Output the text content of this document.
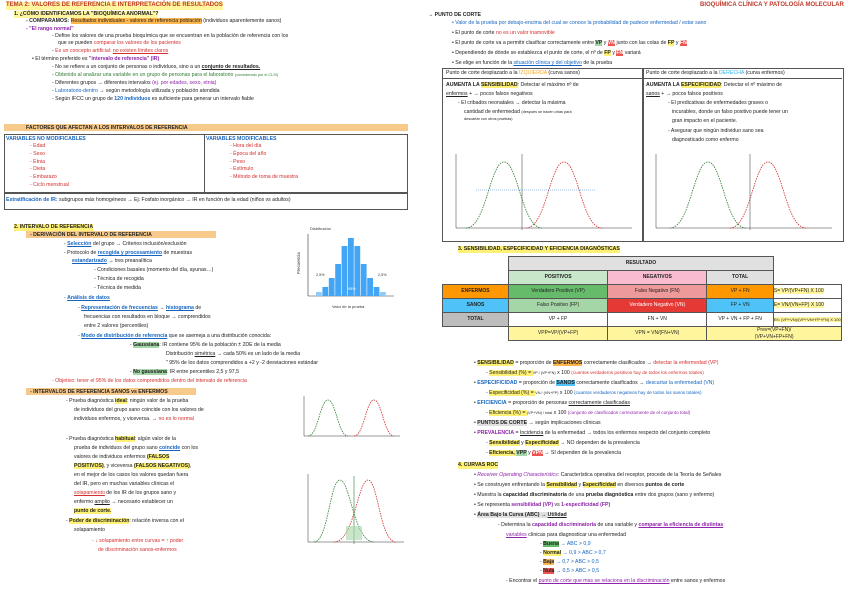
TEMA 2: VALORES DE REFERENCIA E INTERPRETACIÓN DE RESULTADOS	BIOQUÍMICA CLÍNICA Y PATOLOGÍA MOLECULAR
1. ¿CÓMO IDENTIFICAMOS LA "BIOQUÍMICA ANORMAL"?
- COMPARAMOS: Resultados individuales - valores de referencia población (individuos aparentemente sanos)
- "El rango normal"
- Define los valores de una prueba bioquímica que se encuentran en la población de referencia con los
que se pueden comparar los valores de los pacientes
- Es un concepto artificial: no existen límites claros
• El término preferido es "intervalo de referencia" (IR)
- No se refiere a un conjunto de personas o individuos, sino a un conjunto de resultados.
- Obtenido al analizar una variable en un grupo de personas para el laboratorio (considerado por el CLSI)
- Diferentes grupos → diferentes intervalos (ej. por edades, sexo, etnia)
- Laboratorio-dentro → según metodología utilizada y población atendida
- Según IFCC un grupo de 120 individuos es suficiente para generar un intervalo fiable
FACTORES QUE AFECTAN A LOS INTERVALOS DE REFERENCIA
VARIABLES NO MODIFICABLES
- Edad
- Sexo
- Etnia
- Dieta
- Embarazo
- Ciclo menstrual
VARIABLES MODIFICABLES
- Hora del día
- Época del año
- Peso
- Estímulo
- Método de toma de muestra
Estratificación de IR: subgrupos más homogéneos → Ej: Fosfato inorgánico → IR en función de la edad (niños vs adultos)
2. INTERVALO DE REFERENCIA
- DERIVACIÓN DEL INTERVALO DE REFERENCIA
- Selección del grupo → Criterios inclusión/exclusión
- Protocolo de recogida y procesamiento de muestras
estandarizado → tres preanalítica
- Condiciones basales (momento del día, ayunas…)
- Técnica de recogida
- Técnica de medida
- Análisis de datos
- Representación de frecuencias → histograma de
frecuencias con resultados en bloque → comprendidos
entre 2 valores (percentiles)
- Modo de distribución de referencia que se asemeja a una distribución conocida:
- Gaussiana: IR contiene 95% de la población ± 2DE de la media
Distribución simétrica → cada 50% es un lado de la media
" 95% de los datos comprendidos a +2 y -2 desviaciones estándar
- No gaussiana: IR entre percentiles 2,5 y 97,5
- Objetivo: tener el 95% de los datos comprendidos dentro del intervalo de referencia
Distribución
Frecuencia
2,5%	2,5%
95%
Valor de la prueba
- INTERVALOS DE REFERENCIA SANOS vs ENFERMOS
- Prueba diagnóstica ideal: ningún valor de la prueba
de individuos del grupo sano coincide con los valores de
individuos enfermos, y viceversa. → no es lo normal
- Prueba diagnóstica habitual: algún valor de la
prueba de individuos del grupo sano coincide con los
valores de individuos enfermos (FALSOS
POSITIVOS), y viceversa (FALSOS NEGATIVOS),
en el mejor de los casos los valores quedan fuera
del IR, pero en muchas variables clínicas el
solapamiento de los IR de los grupos sano y
enfermo amplio → necesario establecer un
punto de corte.
- Poder de discriminación: relación inversa con el
solapamiento
- ↓ solapamiento entre curvas = ↑ poder
de discriminación sanos-enfermos
→ PUNTO DE CORTE
• Valor de la prueba por debajo-encima del cual se conoce la probabilidad de padecer enfermedad / estar sano
• El punto de corte no es un valor inamovible
• El punto de corte va a permitir clasificar correctamente entre VP y VN junto con las colas de FP y FN
• Dependiendo de dónde se establezca el punto de corte, el nº de FP y FN variará
• Se elige en función de la situación clínica y del objetivo de la prueba
Punto de corte desplazado a la IZQUIERDA (curva sanos)	Punto de corte desplazado a la DERECHA (curva enfermos)
AUMENTA LA SENSIBILIDAD: Detectar el máximo nº de
enfermos + → pocos falsos negativos
- El cribados neonatales → detectar la máxima
cantidad de enfermedad (después se hacen otras para
descartar con otros pruebas)
AUMENTA LA ESPECIFICIDAD: Detectar el nº máximo de
sanos + → pocos falsos positivos
- El predicativas de enfermedades graves o
incurables, donde un falso positivo puede tener un
gran impacto en el paciente.
- Asegurar que ningún individuo sano sea
diagnosticado como enfermo
3. SENSIBILIDAD, ESPECIFICIDAD Y EFICIENCIA DIAGNÓSTICAS
	RESULTADO			
	POSITIVOS	NEGATIVOS	TOTAL	
ENFERMOS	Verdadero Positivo (VP)	Falso Negativo (FN)	VP + FN	S= VP/(VP+FN) X 100
SANOS	Falso Positivo (FP)	Verdadero Negativo (VN)	FP + VN	E= VN/(VN+FP) X 100
TOTAL	VP + FP	FN + VN	VP + VN + FP + FN	Ef= (VP+VN)/(VP+VN+FP+FN) X 100
	VPP=VP/(VP+FP)	VPN = VN/(FN+VN)	Prev=(VP+FN)/
(VP+VN+FP+FN)	
• SENSIBILIDAD = proporción de ENFERMOS correctamente clasificados → detectar la enfermedad (VP)
- Sensibilidad (%) = VP / (VP+FN) x 100 (cuantos verdaderos positivos hay de todos los enfermos totales)
• ESPECIFICIDAD = proporción de SANOS correctamente clasificados → descartar la enfermedad (VN)
- Especificidad (%) = VN / (VN+FP) x 100 (cuantos verdaderos negativos hay de todos los sanos totales)
• EFICIENCIA = proporción de personas correctamente clasificadas
- Eficiencia (%) = (VP+VN) / total x 100 (conjunto de clasificados correctamente de el conjunto total)
• PUNTOS DE CORTE → según implicaciones clínicas
• PREVALENCIA = Incidencia de la enfermedad → todos los enfermos respecto del conjunto completo
- Sensibilidad y Especificidad → NO dependen de la prevalencia
- Eficiencia, VPP y VPN → SI dependen de la prevalencia
4. CURVAS ROC
• Receiver Operating Characteristics: Característica operativa del receptor, procede de la Teoría de Señales
• Se construyen enfrentando la Sensibilidad y Especificidad en diversos puntos de corte
• Muestra la capacidad discriminatoria de una prueba diagnóstica entre dos grupos (sano y enfermo)
• Se representa sensibilidad (VP) vs 1-especificidad (FP)
• Área Bajo la Curva (ABC) → Utilidad
- Determina la capacidad discriminatoria de una variable y comparar la eficiencia de distintas
variables clínicas para diagnosticar una enfermedad
- Buena → ABC > 0,9
- Normal → 0,9 > ABC > 0,7
- Baja → 0,7 > ABC > 0,5
- Nula → 0,5 > ABC > 0,5
- Encontrar el punto de corte que mas se relaciona en la discriminación entre sanos y enfermos
